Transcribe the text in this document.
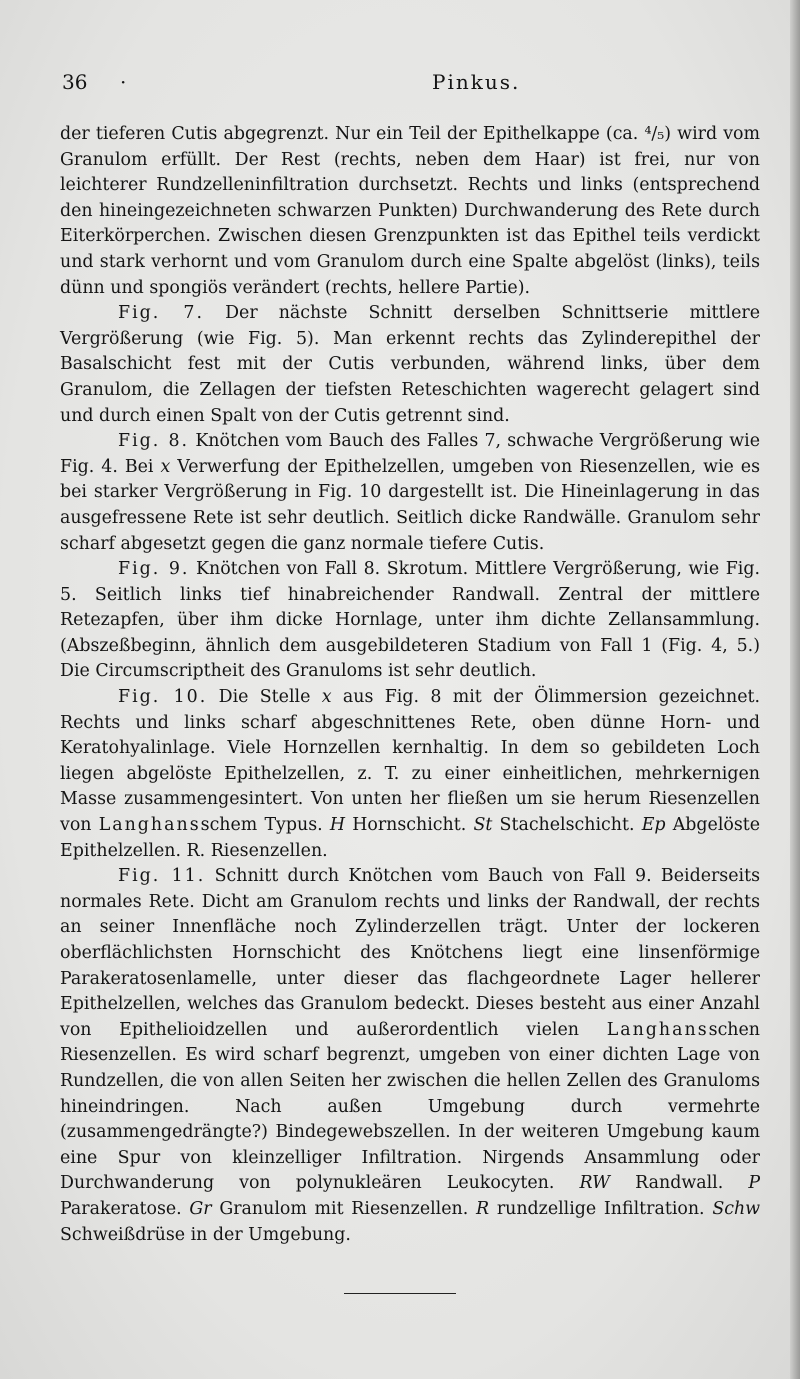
36 ·	Pinkus.

der tieferen Cutis abgegrenzt. Nur ein Teil der Epithelkappe (ca. ⁴/₅) wird vom Granulom erfüllt. Der Rest (rechts, neben dem Haar) ist frei, nur von leichterer Rundzelleninfiltration durchsetzt. Rechts und links (entsprechend den hineingezeichneten schwarzen Punkten) Durchwanderung des Rete durch Eiterkörperchen. Zwischen diesen Grenzpunkten ist das Epithel teils verdickt und stark verhornt und vom Granulom durch eine Spalte abgelöst (links), teils dünn und spongiös verändert (rechts, hellere Partie).

Fig. 7. Der nächste Schnitt derselben Schnittserie mittlere Vergrößerung (wie Fig. 5). Man erkennt rechts das Zylinderepithel der Basalschicht fest mit der Cutis verbunden, während links, über dem Granulom, die Zellagen der tiefsten Reteschichten wagerecht gelagert sind und durch einen Spalt von der Cutis getrennt sind.

Fig. 8. Knötchen vom Bauch des Falles 7, schwache Vergrößerung wie Fig. 4. Bei x Verwerfung der Epithelzellen, umgeben von Riesenzellen, wie es bei starker Vergrößerung in Fig. 10 dargestellt ist. Die Hineinlagerung in das ausgefressene Rete ist sehr deutlich. Seitlich dicke Randwälle. Granulom sehr scharf abgesetzt gegen die ganz normale tiefere Cutis.

Fig. 9. Knötchen von Fall 8. Skrotum. Mittlere Vergrößerung, wie Fig. 5. Seitlich links tief hinabreichender Randwall. Zentral der mittlere Retezapfen, über ihm dicke Hornlage, unter ihm dichte Zellansammlung. (Abszeßbeginn, ähnlich dem ausgebildeteren Stadium von Fall 1 (Fig. 4, 5.) Die Circumscriptheit des Granuloms ist sehr deutlich.

Fig. 10. Die Stelle x aus Fig. 8 mit der Ölimmersion gezeichnet. Rechts und links scharf abgeschnittenes Rete, oben dünne Horn- und Keratohyalinlage. Viele Hornzellen kernhaltig. In dem so gebildeten Loch liegen abgelöste Epithelzellen, z. T. zu einer einheitlichen, mehrkernigen Masse zusammengesintert. Von unten her fließen um sie herum Riesenzellen von Langhansschem Typus. H Hornschicht. St Stachelschicht. Ep Abgelöste Epithelzellen. R. Riesenzellen.

Fig. 11. Schnitt durch Knötchen vom Bauch von Fall 9. Beiderseits normales Rete. Dicht am Granulom rechts und links der Randwall, der rechts an seiner Innenfläche noch Zylinderzellen trägt. Unter der lockeren oberflächlichsten Hornschicht des Knötchens liegt eine linsenförmige Parakeratosenlamelle, unter dieser das flachgeordnete Lager hellerer Epithelzellen, welches das Granulom bedeckt. Dieses besteht aus einer Anzahl von Epithelioidzellen und außerordentlich vielen Langhansschen Riesenzellen. Es wird scharf begrenzt, umgeben von einer dichten Lage von Rundzellen, die von allen Seiten her zwischen die hellen Zellen des Granuloms hineindringen. Nach außen Umgebung durch vermehrte (zusammengedrängte?) Bindegewebszellen. In der weiteren Umgebung kaum eine Spur von kleinzelliger Infiltration. Nirgends Ansammlung oder Durchwanderung von polynukleären Leukocyten. RW Randwall. P Parakeratose. Gr Granulom mit Riesenzellen. R rundzellige Infiltration. Schw Schweißdrüse in der Umgebung.
